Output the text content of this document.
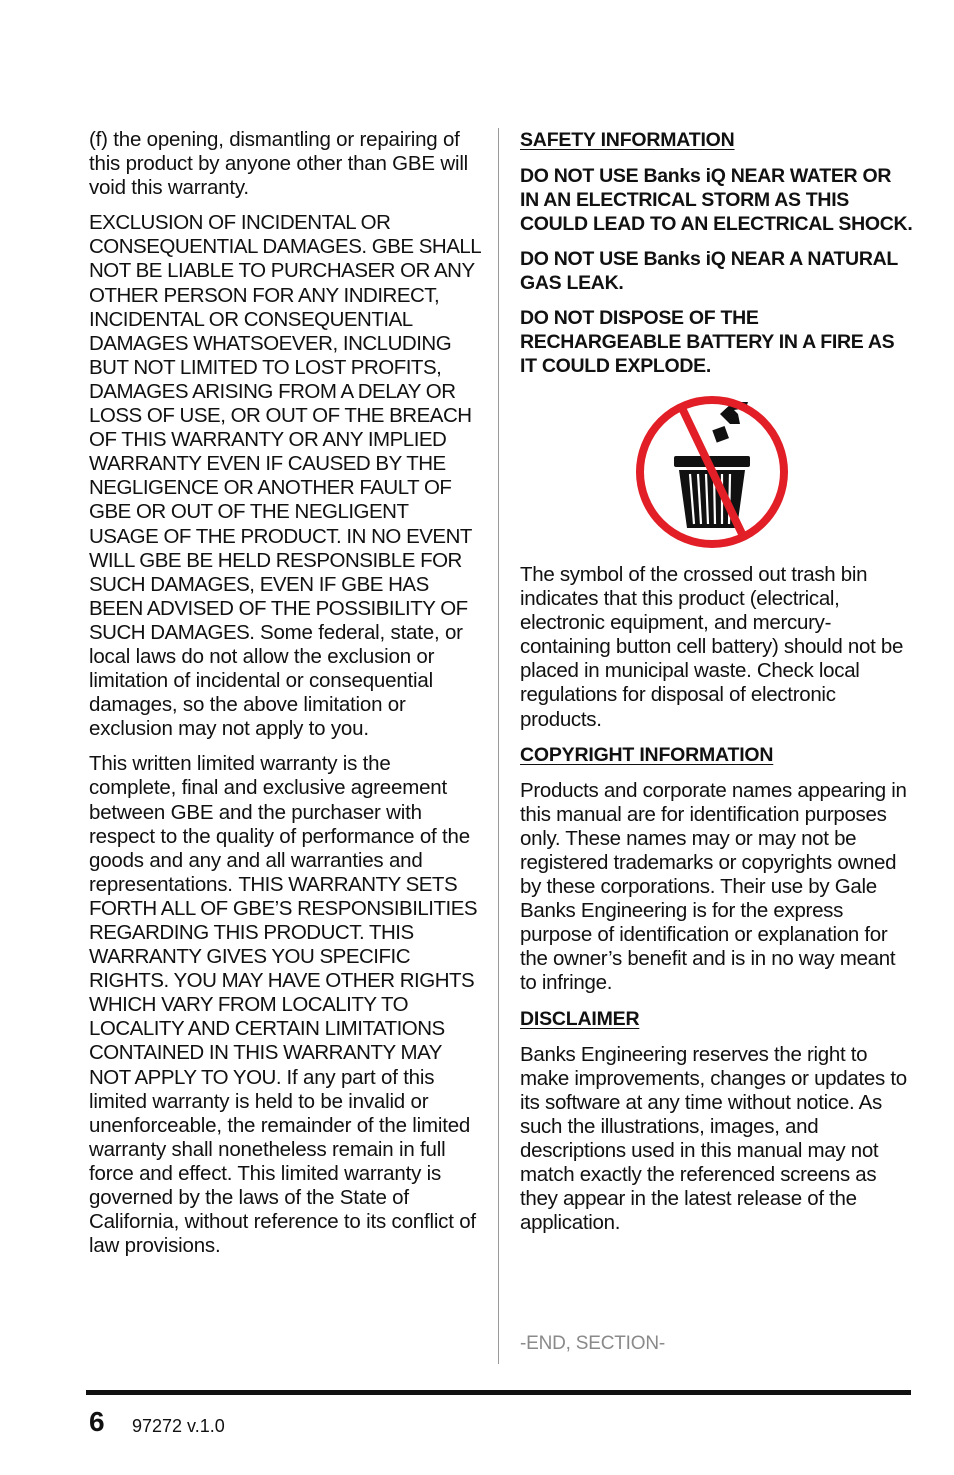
(f) the opening, dismantling or repairing of this product by anyone other than GBE will void this warranty.

EXCLUSION OF INCIDENTAL OR CONSEQUENTIAL DAMAGES. GBE SHALL NOT BE LIABLE TO PURCHASER OR ANY OTHER PERSON FOR ANY INDIRECT, INCIDENTAL OR CONSEQUENTIAL DAMAGES WHATSOEVER, INCLUDING BUT NOT LIMITED TO LOST PROFITS, DAMAGES ARISING FROM A DELAY OR LOSS OF USE, OR OUT OF THE BREACH OF THIS WARRANTY OR ANY IMPLIED WARRANTY EVEN IF CAUSED BY THE NEGLIGENCE OR ANOTHER FAULT OF GBE OR OUT OF THE NEGLIGENT USAGE OF THE PRODUCT. IN NO EVENT WILL GBE BE HELD RESPONSIBLE FOR SUCH DAMAGES, EVEN IF GBE HAS BEEN ADVISED OF THE POSSIBILITY OF SUCH DAMAGES. Some federal, state, or local laws do not allow the exclusion or limitation of incidental or consequential damages, so the above limitation or exclusion may not apply to you.

This written limited warranty is the complete, final and exclusive agreement between GBE and the purchaser with respect to the quality of performance of the goods and any and all warranties and representations. THIS WARRANTY SETS FORTH ALL OF GBE’S RESPONSIBILITIES REGARDING THIS PRODUCT. THIS WARRANTY GIVES YOU SPECIFIC RIGHTS. YOU MAY HAVE OTHER RIGHTS WHICH VARY FROM LOCALITY TO LOCALITY AND CERTAIN LIMITATIONS CONTAINED IN THIS WARRANTY MAY NOT APPLY TO YOU. If any part of this limited warranty is held to be invalid or unenforceable, the remainder of the limited warranty shall nonetheless remain in full force and effect. This limited warranty is governed by the laws of the State of California, without reference to its conflict of law provisions.

SAFETY INFORMATION
DO NOT USE Banks iQ NEAR WATER OR IN AN ELECTRICAL STORM AS THIS COULD LEAD TO AN ELECTRICAL SHOCK.
DO NOT USE Banks iQ NEAR A NATURAL GAS LEAK.
DO NOT DISPOSE OF THE RECHARGEABLE BATTERY IN A FIRE AS IT COULD EXPLODE.

The symbol of the crossed out trash bin indicates that this product (electrical, electronic equipment, and mercury-containing button cell battery) should not be placed in municipal waste. Check local regulations for disposal of electronic products.

COPYRIGHT INFORMATION

Products and corporate names appearing in this manual are for identification purposes only. These names may or may not be registered trademarks or copyrights owned by these corporations. Their use by Gale Banks Engineering is for the express purpose of identification or explanation for the owner’s benefit and is in no way meant to infringe.

DISCLAIMER

Banks Engineering reserves the right to make improvements, changes or updates to its software at any time without notice. As such the illustrations, images, and descriptions used in this manual may not match exactly the referenced screens as they appear in the latest release of the application.

-END, SECTION-
6 97272 v.1.0
